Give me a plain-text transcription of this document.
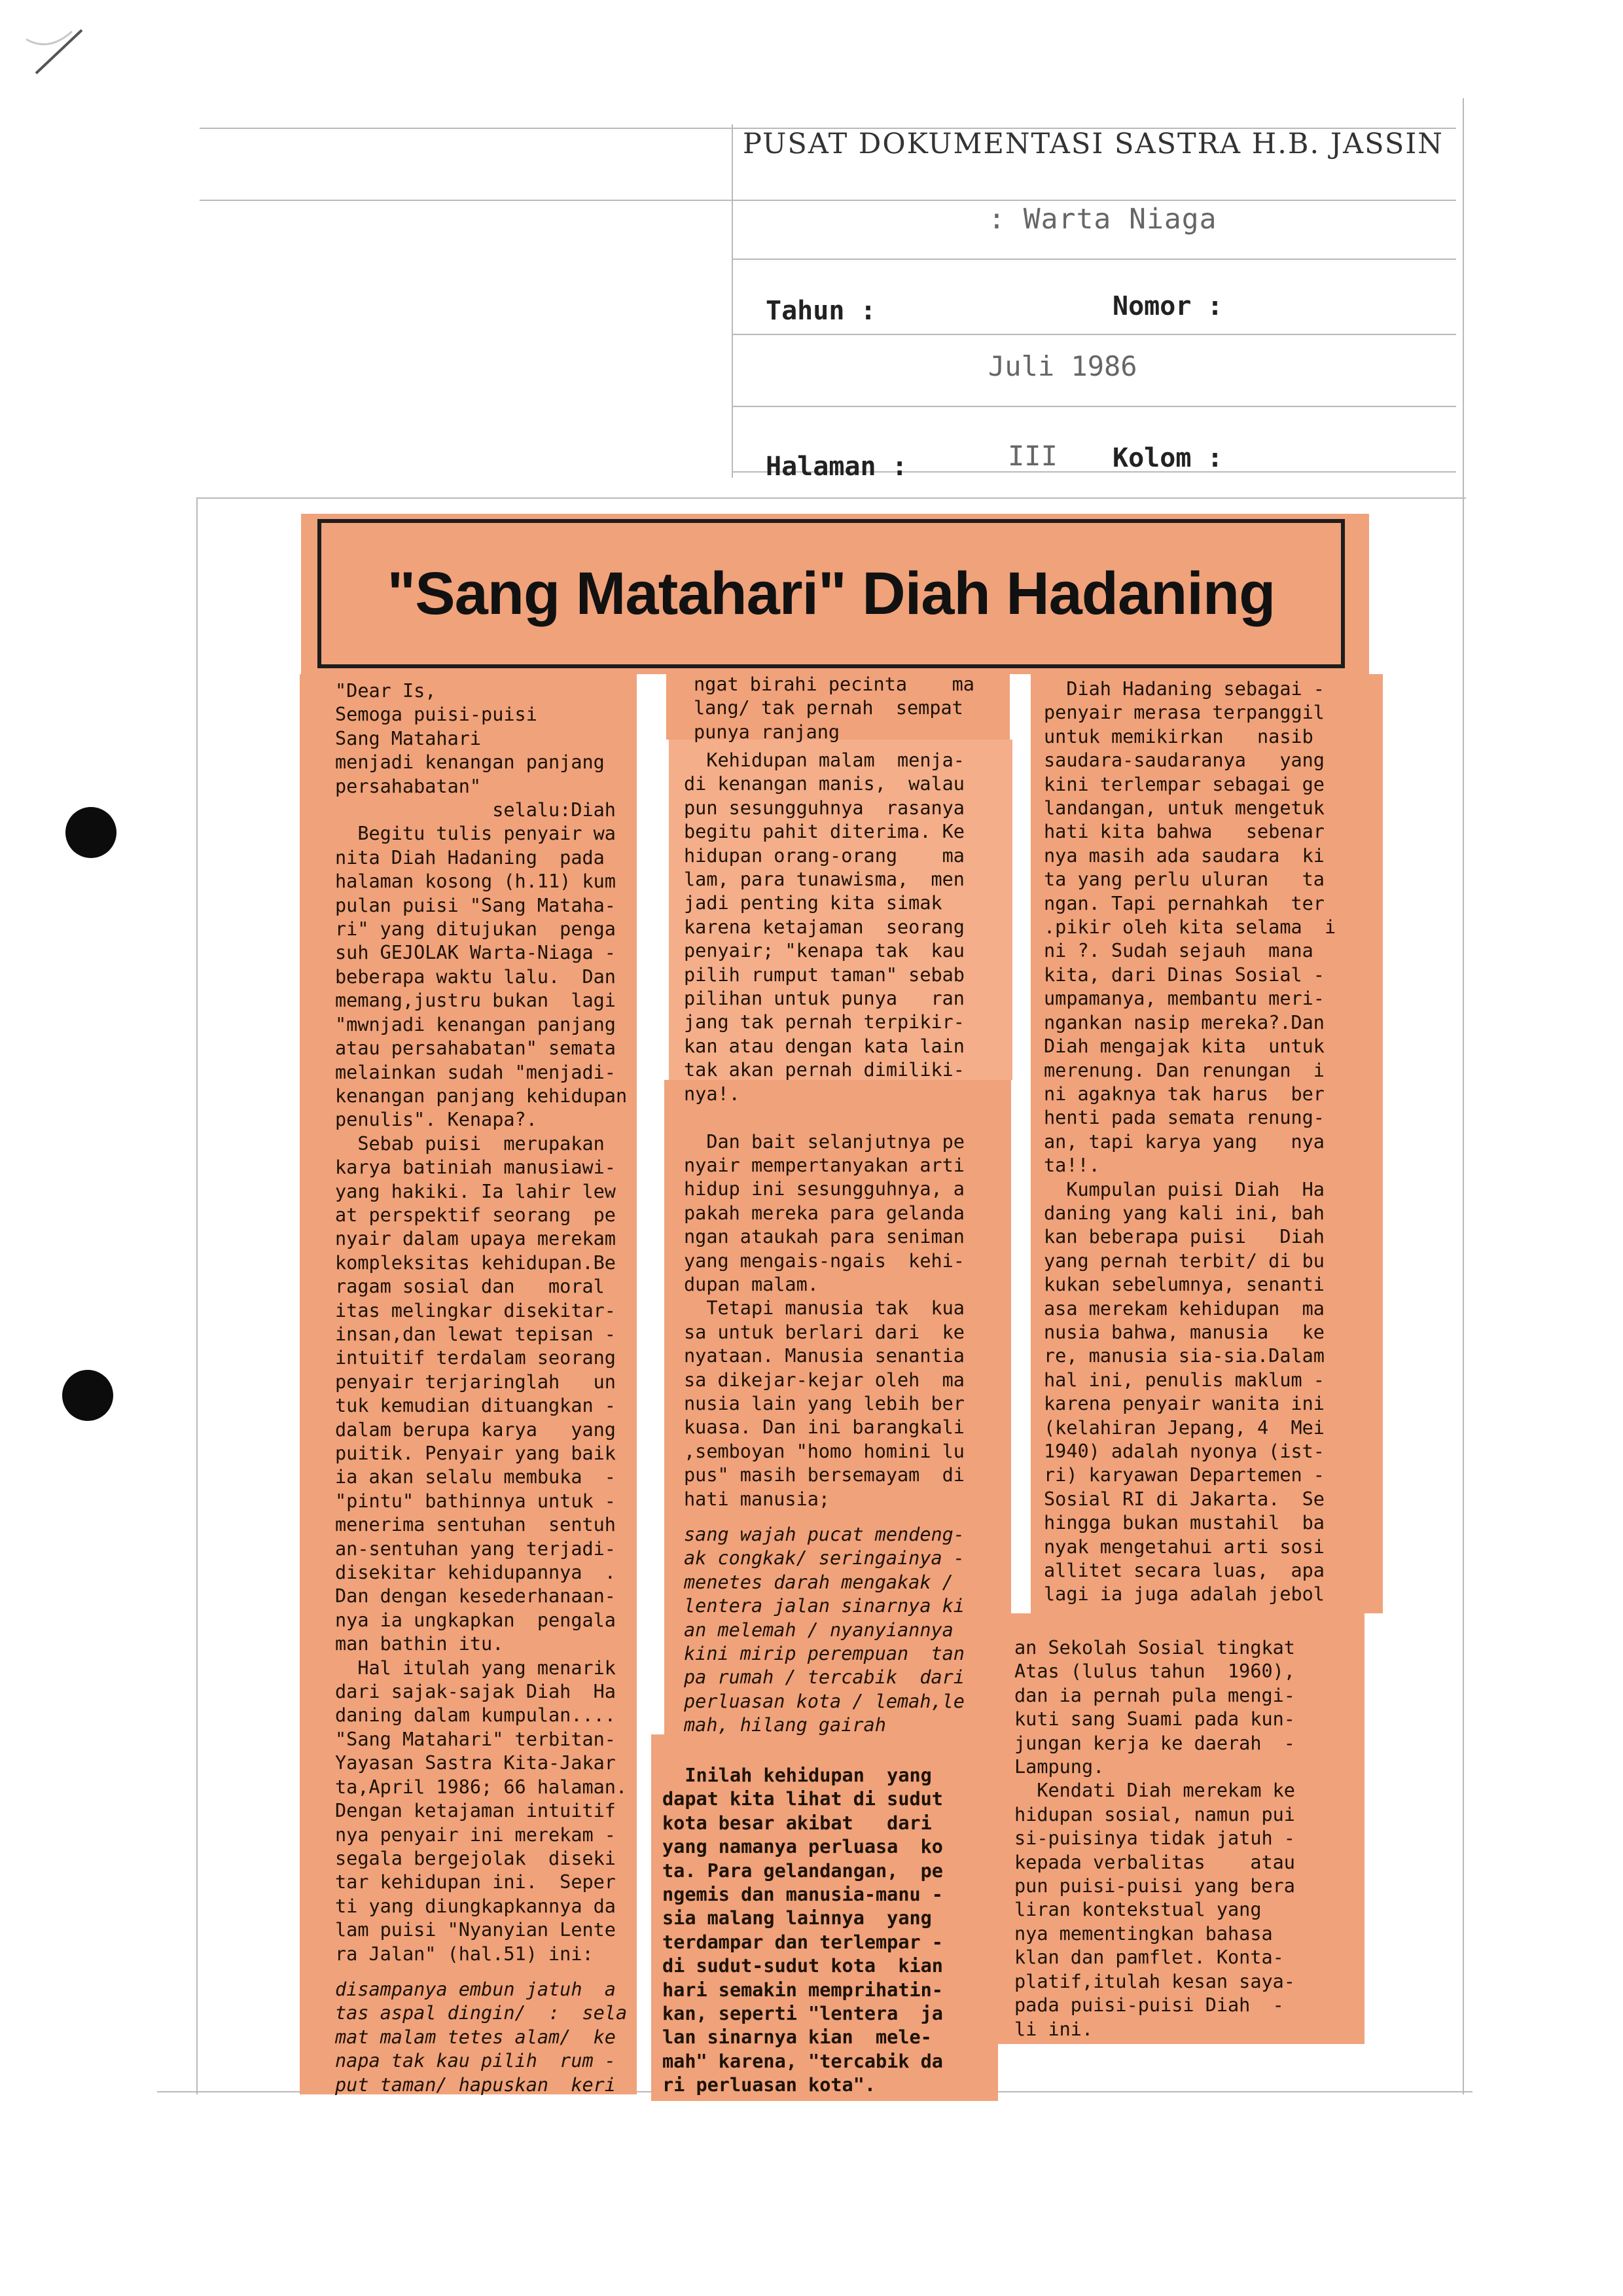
PUSAT DOKUMENTASI SASTRA H.B. JASSIN
: Warta Niaga
Tahun :	Nomor :
Juli 1986
Halaman :	III Kolom :
"Sang Matahari" Diah Hadaning

"Dear Is,

Semoga puisi-puisi

Sang Matahari

menjadi kenangan panjang

persahabatan"

selalu:Diah

Begitu tulis penyair wa

nita Diah Hadaning  pada

halaman kosong (h.11) kum

pulan puisi "Sang Mataha-

ri" yang ditujukan  penga

suh GEJOLAK Warta-Niaga -

beberapa waktu lalu.  Dan

memang,justru bukan  lagi

"mwnjadi kenangan panjang

atau persahabatan" semata

melainkan sudah "menjadi-

kenangan panjang kehidupan

penulis". Kenapa?.

Sebab puisi  merupakan

karya batiniah manusiawi-

yang hakiki. Ia lahir lew

at perspektif seorang  pe

nyair dalam upaya merekam

kompleksitas kehidupan.Be

ragam sosial dan   moral

itas melingkar disekitar-

insan,dan lewat tepisan -

intuitif terdalam seorang

penyair terjaringlah   un

tuk kemudian dituangkan -

dalam berupa karya   yang

puitik. Penyair yang baik

ia akan selalu membuka  -

"pintu" bathinnya untuk -

menerima sentuhan  sentuh

an-sentuhan yang terjadi-

disekitar kehidupannya  .

Dan dengan kesederhanaan-

nya ia ungkapkan  pengala

man bathin itu.

Hal itulah yang menarik

dari sajak-sajak Diah  Ha

daning dalam kumpulan....

"Sang Matahari" terbitan-

Yayasan Sastra Kita-Jakar

ta,April 1986; 66 halaman.

Dengan ketajaman intuitif

nya penyair ini merekam -

segala bergejolak  diseki

tar kehidupan ini.  Seper

ti yang diungkapkannya da

lam puisi "Nyanyian Lente

ra Jalan" (hal.51) ini:

disampanya embun jatuh  a

tas aspal dingin/  :  sela

mat malam tetes alam/  ke

napa tak kau pilih  rum -

put taman/ hapuskan  keri

ngat birahi pecinta    ma

lang/ tak pernah  sempat

punya ranjang

Kehidupan malam  menja-

di kenangan manis,  walau

pun sesungguhnya  rasanya

begitu pahit diterima. Ke

hidupan orang-orang    ma

lam, para tunawisma,  men

jadi penting kita simak

karena ketajaman  seorang

penyair; "kenapa tak  kau

pilih rumput taman" sebab

pilihan untuk punya   ran

jang tak pernah terpikir-

kan atau dengan kata lain

tak akan pernah dimiliki-

nya!.

Dan bait selanjutnya pe

nyair mempertanyakan arti

hidup ini sesungguhnya, a

pakah mereka para gelanda

ngan ataukah para seniman

yang mengais-ngais  kehi-

dupan malam.

Tetapi manusia tak  kua

sa untuk berlari dari  ke

nyataan. Manusia senantia

sa dikejar-kejar oleh  ma

nusia lain yang lebih ber

kuasa. Dan ini barangkali

,semboyan "homo homini lu

pus" masih bersemayam  di

hati manusia;

sang wajah pucat mendeng-

ak congkak/ seringainya -

menetes darah mengakak /

lentera jalan sinarnya ki

an melemah / nyanyiannya

kini mirip perempuan  tan

pa rumah / tercabik  dari

perluasan kota / lemah,le

mah, hilang gairah

Inilah kehidupan  yang

dapat kita lihat di sudut

kota besar akibat   dari

yang namanya perluasa  ko

ta. Para gelandangan,  pe

ngemis dan manusia-manu -

sia malang lainnya  yang

terdampar dan terlempar -

di sudut-sudut kota  kian

hari semakin memprihatin-

kan, seperti "lentera  ja

lan sinarnya kian  mele-

mah" karena, "tercabik da

ri perluasan kota".

Diah Hadaning sebagai -

penyair merasa terpanggil

untuk memikirkan   nasib

saudara-saudaranya   yang

kini terlempar sebagai ge

landangan, untuk mengetuk

hati kita bahwa   sebenar

nya masih ada saudara  ki

ta yang perlu uluran   ta

ngan. Tapi pernahkah  ter

.pikir oleh kita selama  i

ni ?. Sudah sejauh  mana

kita, dari Dinas Sosial -

umpamanya, membantu meri-

ngankan nasip mereka?.Dan

Diah mengajak kita  untuk

merenung. Dan renungan  i

ni agaknya tak harus  ber

henti pada semata renung-

an, tapi karya yang   nya

ta!!.

Kumpulan puisi Diah  Ha

daning yang kali ini, bah

kan beberapa puisi   Diah

yang pernah terbit/ di bu

kukan sebelumnya, senanti

asa merekam kehidupan  ma

nusia bahwa, manusia   ke

re, manusia sia-sia.Dalam

hal ini, penulis maklum -

karena penyair wanita ini

(kelahiran Jepang, 4  Mei

1940) adalah nyonya (ist-

ri) karyawan Departemen -

Sosial RI di Jakarta.  Se

hingga bukan mustahil  ba

nyak mengetahui arti sosi

allitet secara luas,  apa

lagi ia juga adalah jebol

an Sekolah Sosial tingkat

Atas (lulus tahun  1960),

dan ia pernah pula mengi-

kuti sang Suami pada kun-

jungan kerja ke daerah  -

Lampung.

Kendati Diah merekam ke

hidupan sosial, namun pui

si-puisinya tidak jatuh -

kepada verbalitas    atau

pun puisi-puisi yang bera

liran kontekstual yang

nya mementingkan bahasa

klan dan pamflet. Konta-

platif,itulah kesan saya-

pada puisi-puisi Diah  -

li ini.
